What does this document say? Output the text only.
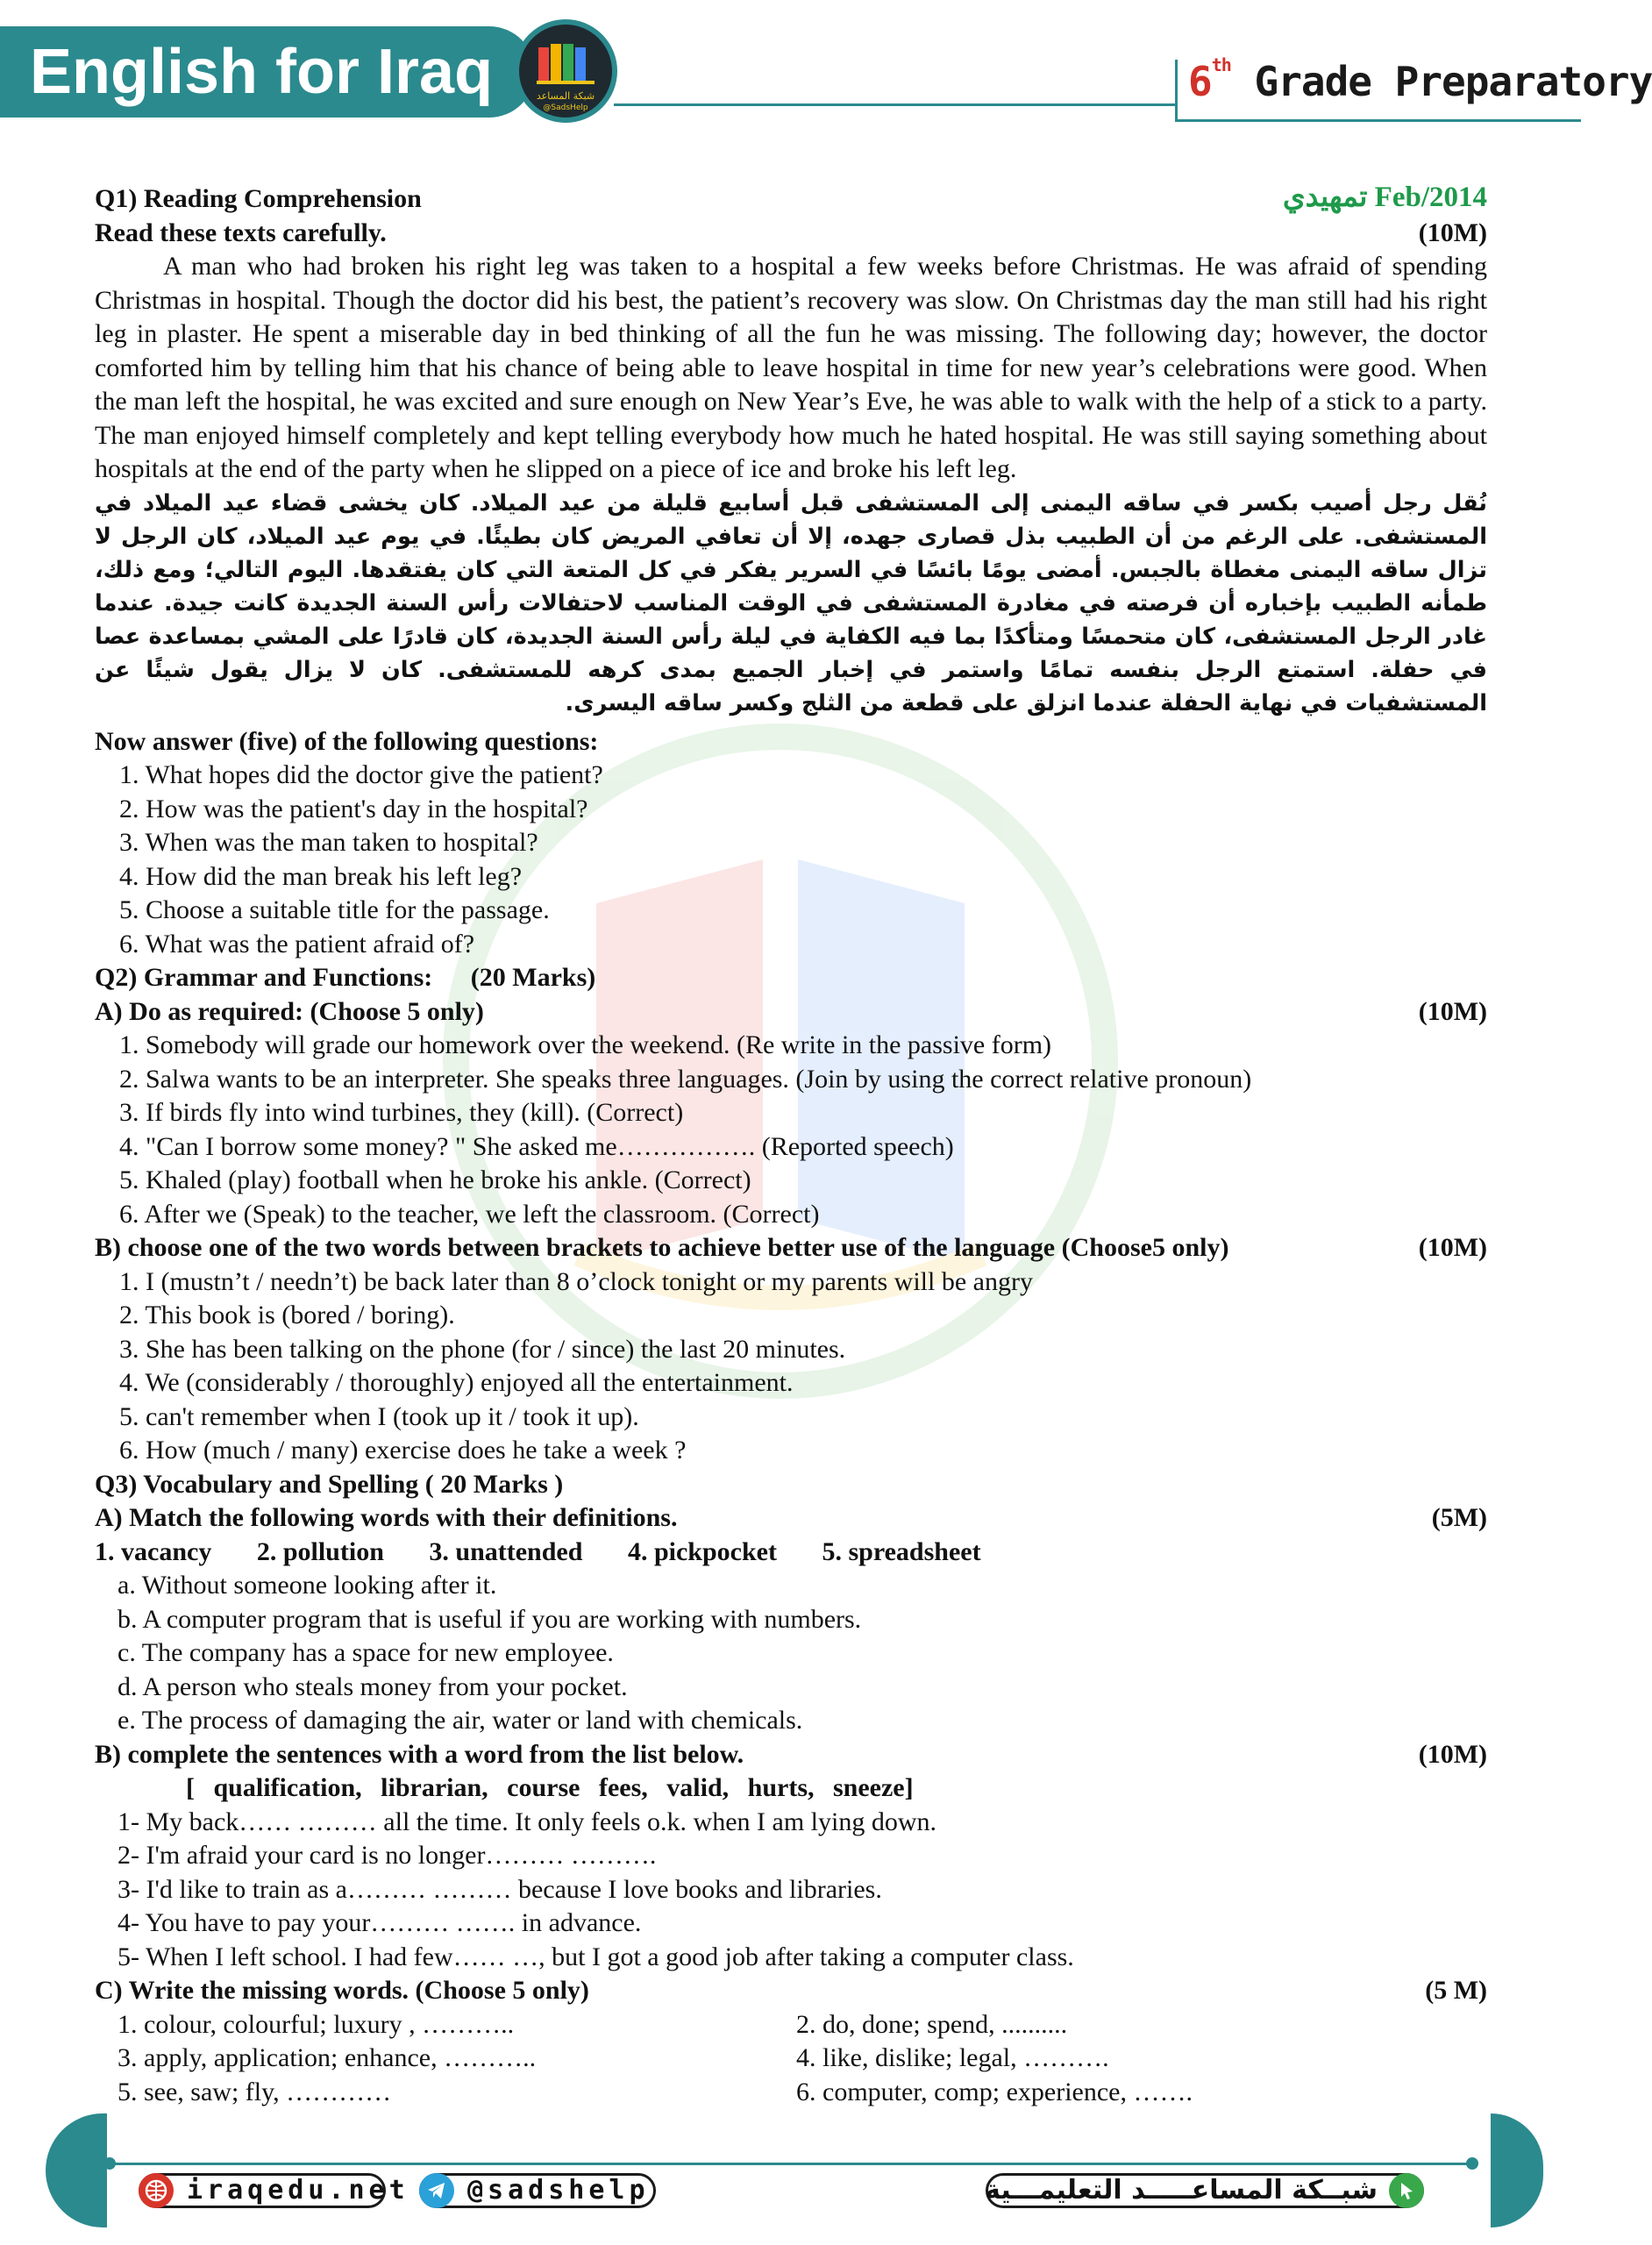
English for Iraq	شبكة المساعد
@SadsHelp
6th Grade Preparatory
Q1) Reading Comprehension	تمهيدي Feb/2014
Read these texts carefully.	(10M)
A man who had broken his right leg was taken to a hospital a few weeks before Christmas. He was afraid of spending Christmas in hospital. Though the doctor did his best, the patient’s recovery was slow. On Christmas day the man still had his right leg in plaster. He spent a miserable day in bed thinking of all the fun he was missing. The following day; however, the doctor comforted him by telling him that his chance of being able to leave hospital in time for new year’s celebrations were good. When the man left the hospital, he was excited and sure enough on New Year’s Eve, he was able to walk with the help of a stick to a party. The man enjoyed himself completely and kept telling everybody how much he hated hospital. He was still saying something about hospitals at the end of the party when he slipped on a piece of ice and broke his left leg.
نُقل رجل أصيب بكسر في ساقه اليمنى إلى المستشفى قبل أسابيع قليلة من عيد الميلاد. كان يخشى قضاء عيد الميلاد في المستشفى. على الرغم من أن الطبيب بذل قصارى جهده، إلا أن تعافي المريض كان بطيئًا. في يوم عيد الميلاد، كان الرجل لا تزال ساقه اليمنى مغطاة بالجبس. أمضى يومًا بائسًا في السرير يفكر في كل المتعة التي كان يفتقدها. اليوم التالي؛ ومع ذلك، طمأنه الطبيب بإخباره أن فرصته في مغادرة المستشفى في الوقت المناسب لاحتفالات رأس السنة الجديدة كانت جيدة. عندما غادر الرجل المستشفى، كان متحمسًا ومتأكدًا بما فيه الكفاية في ليلة رأس السنة الجديدة، كان قادرًا على المشي بمساعدة عصا في حفلة. استمتع الرجل بنفسه تمامًا واستمر في إخبار الجميع بمدى كرهه للمستشفى. كان لا يزال يقول شيئًا عن المستشفيات في نهاية الحفلة عندما انزلق على قطعة من الثلج وكسر ساقه اليسرى.
Now answer (five) of the following questions:
1. What hopes did the doctor give the patient?
2. How was the patient's day in the hospital?
3. When was the man taken to hospital?
4. How did the man break his left leg?
5. Choose a suitable title for the passage.
6. What was the patient afraid of?
Q2) Grammar and Functions: (20 Marks)
A) Do as required: (Choose 5 only)	(10M)
1. Somebody will grade our homework over the weekend. (Re write in the passive form)
2. Salwa wants to be an interpreter. She speaks three languages. (Join by using the correct relative pronoun)
3. If birds fly into wind turbines, they (kill). (Correct)
4. "Can I borrow some money? " She asked me……………. (Reported speech)
5. Khaled (play) football when he broke his ankle. (Correct)
6. After we (Speak) to the teacher, we left the classroom. (Correct)
B) choose one of the two words between brackets to achieve better use of the language (Choose5 only)	(10M)
1. I (mustn’t / needn’t) be back later than 8 o’clock tonight or my parents will be angry
2. This book is (bored / boring).
3. She has been talking on the phone (for / since) the last 20 minutes.
4. We (considerably / thoroughly) enjoyed all the entertainment.
5. can't remember when I (took up it / took it up).
6. How (much / many) exercise does he take a week ?
Q3) Vocabulary and Spelling ( 20 Marks )
A) Match the following words with their definitions.	(5M)
1. vacancy 2. pollution 3. unattended 4. pickpocket 5. spreadsheet
a. Without someone looking after it.
b. A computer program that is useful if you are working with numbers.
c. The company has a space for new employee.
d. A person who steals money from your pocket.
e. The process of damaging the air, water or land with chemicals.
B) complete the sentences with a word from the list below.	(10M)
[ qualification, librarian, course fees, valid, hurts, sneeze]
1- My back…… ……… all the time. It only feels o.k. when I am lying down.
2- I'm afraid your card is no longer……… ……….
3- I'd like to train as a……… ……… because I love books and libraries.
4- You have to pay your……… ……. in advance.
5- When I left school. I had few…… …, but I got a good job after taking a computer class.
C) Write the missing words. (Choose 5 only)	(5 M)
1. colour, colourful; luxury , ………..	2. do, done; spend, ..........
3. apply, application; enhance, ………..	4. like, dislike; legal, ……….
5. see, saw; fly, …………	6. computer, comp; experience, …….
iraqedu.net	@sadshelp	شبــكة المساعـــــد التعليمـــية
